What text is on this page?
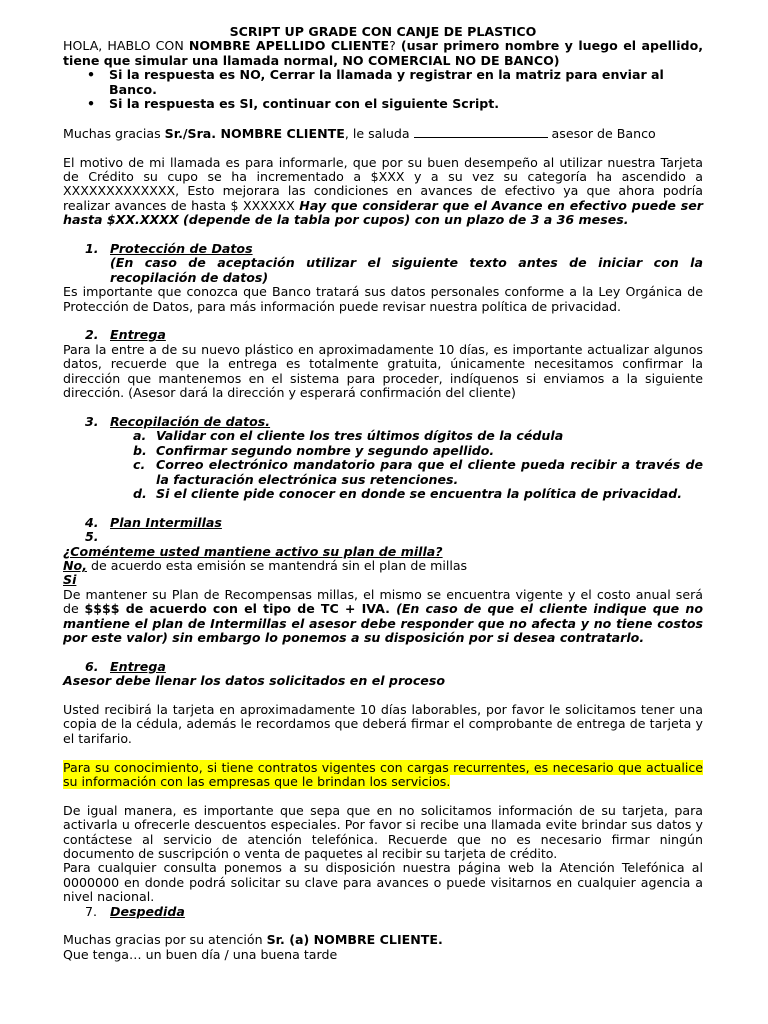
SCRIPT UP GRADE CON CANJE DE PLASTICO

HOLA, HABLO CON NOMBRE APELLIDO CLIENTE? (usar primero nombre y luego el apellido, tiene que simular una llamada normal, NO COMERCIAL NO DE BANCO)

• Si la respuesta es NO, Cerrar la llamada y registrar en la matriz para enviar al Banco.
• Si la respuesta es SI, continuar con el siguiente Script.

Muchas gracias Sr./Sra. NOMBRE CLIENTE, le saluda	asesor de Banco

El motivo de mi llamada es para informarle, que por su buen desempeño al utilizar nuestra Tarjeta de Crédito su cupo se ha incrementado a $XXX y a su vez su categoría ha ascendido a XXXXXXXXXXXXX, Esto mejorara las condiciones en avances de efectivo ya que ahora podría realizar avances de hasta $ XXXXXX Hay que considerar que el Avance en efectivo puede ser hasta $XX.XXXX (depende de la tabla por cupos) con un plazo de 3 a 36 meses.

1. Protección de Datos

(En caso de aceptación utilizar el siguiente texto antes de iniciar con la recopilación de datos)

Es importante que conozca que Banco tratará sus datos personales conforme a la Ley Orgánica de Protección de Datos, para más información puede revisar nuestra política de privacidad.

2. Entrega

Para la entre a de su nuevo plástico en aproximadamente 10 días, es importante actualizar algunos datos, recuerde que la entrega es totalmente gratuita, únicamente necesitamos confirmar la dirección que mantenemos en el sistema para proceder, indíquenos si enviamos a la siguiente dirección. (Asesor dará la dirección y esperará confirmación del cliente)

3. Recopilación de datos.
a. Validar con el cliente los tres últimos dígitos de la cédula
b. Confirmar segundo nombre y segundo apellido.
c. Correo electrónico mandatorio para que el cliente pueda recibir a través de la facturación electrónica sus retenciones.
d. Si el cliente pide conocer en donde se encuentra la política de privacidad.
4. Plan Intermillas
5.

¿Coménteme usted mantiene activo su plan de milla?

No, de acuerdo esta emisión se mantendrá sin el plan de millas

Si

De mantener su Plan de Recompensas millas, el mismo se encuentra vigente y el costo anual será de $$$$ de acuerdo con el tipo de TC + IVA. (En caso de que el cliente indique que no mantiene el plan de Intermillas el asesor debe responder que no afecta y no tiene costos por este valor) sin embargo lo ponemos a su disposición por si desea contratarlo.

6. Entrega

Asesor debe llenar los datos solicitados en el proceso

Usted recibirá la tarjeta en aproximadamente 10 días laborables, por favor le solicitamos tener una copia de la cédula, además le recordamos que deberá firmar el comprobante de entrega de tarjeta y el tarifario.

Para su conocimiento, si tiene contratos vigentes con cargas recurrentes, es necesario que actualice su información con las empresas que le brindan los servicios.

De igual manera, es importante que sepa que en no solicitamos información de su tarjeta, para activarla u ofrecerle descuentos especiales. Por favor si recibe una llamada evite brindar sus datos y contáctese al servicio de atención telefónica. Recuerde que no es necesario firmar ningún documento de suscripción o venta de paquetes al recibir su tarjeta de crédito.

Para cualquier consulta ponemos a su disposición nuestra página web la Atención Telefónica al 0000000 en donde podrá solicitar su clave para avances o puede visitarnos en cualquier agencia a nivel nacional.

7.	Despedida

Muchas gracias por su atención Sr. (a) NOMBRE CLIENTE.

Que tenga… un buen día / una buena tarde
